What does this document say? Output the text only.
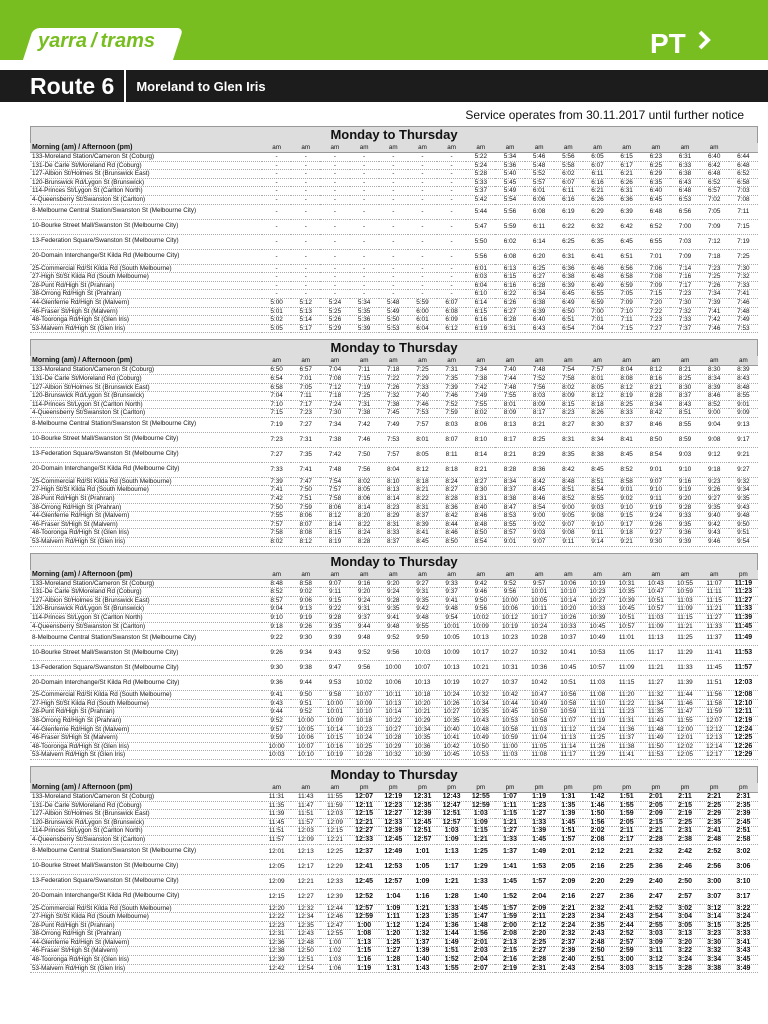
yarra / trams	PT
Route 6	Moreland to Glen Iris
Service operates from 30.11.2017 until further notice
Monday to Thursday
Morning (am) / Afternoon (pm)	am	am	am	am	am	am	am	am	am	am	am	am	am	am	am	am	
133-Moreland Station/Cameron St (Coburg)	-	-	-	-	-	-	-	5:22	5:34	5:46	5:56	6:05	6:15	6:23	6:31	6:40	6:44
131-De Carle St/Moreland Rd (Coburg)	-	-	-	-	-	-	-	5:24	5:36	5:48	5:58	6:07	6:17	6:25	6:33	6:42	6:48
127-Albion St/Holmes St (Brunswick East)	-	-	-	-	-	-	-	5:28	5:40	5:52	6:02	6:11	6:21	6:29	6:38	6:48	6:52
120-Brunswick Rd/Lygon St (Brunswick)	-	-	-	-	-	-	-	5:33	5:45	5:57	6:07	6:16	6:26	6:35	6:43	6:52	6:58
114-Princes St/Lygon St (Carlton North)	-	-	-	-	-	-	-	5:37	5:49	6:01	6:11	6:21	6:31	6:40	6:48	6:57	7:03
4-Queensberry St/Swanston St (Carlton)	-	-	-	-	-	-	-	5:42	5:54	6:06	6:16	6:26	6:36	6:45	6:53	7:02	7:08
8-Melbourne Central Station/Swanston St (Melbourne City)	-	-	-	-	-	-	-	5:44	5:56	6:08	6:19	6:29	6:39	6:48	6:56	7:05	7:11
10-Bourke Street Mall/Swanston St (Melbourne City)	-	-	-	-	-	-	-	5:47	5:59	6:11	6:22	6:32	6:42	6:52	7:00	7:09	7:15
13-Federation Square/Swanston St (Melbourne City)	-	-	-	-	-	-	-	5:50	6:02	6:14	6:25	6:35	6:45	6:55	7:03	7:12	7:19
20-Domain Interchange/St Kilda Rd (Melbourne City)	-	-	-	-	-	-	-	5:56	6:08	6:20	6:31	6:41	6:51	7:01	7:09	7:18	7:25
25-Commercial Rd/St Kilda Rd (South Melbourne)	-	-	-	-	-	-	-	6:01	6:13	6:25	6:36	6:46	6:56	7:06	7:14	7:23	7:30
27-High St/St Kilda Rd (South Melbourne)	-	-	-	-	-	-	-	6:03	6:15	6:27	6:38	6:48	6:58	7:08	7:16	7:25	7:32
28-Punt Rd/High St (Prahran)	-	-	-	-	-	-	-	6:04	6:16	6:28	6:39	6:49	6:59	7:09	7:17	7:26	7:33
38-Orrong Rd/High St (Prahran)	-	-	-	-	-	-	-	6:10	6:22	6:34	6:45	6:55	7:05	7:15	7:23	7:34	7:41
44-Glenferrie Rd/High St (Malvern)	5:00	5:12	5:24	5:34	5:48	5:59	6:07	6:14	6:26	6:38	6:49	6:59	7:09	7:20	7:30	7:39	7:46
46-Fraser St/High St (Malvern)	5:01	5:13	5:25	5:35	5:49	6:00	6:08	6:15	6:27	6:39	6:50	7:00	7:10	7:22	7:32	7:41	7:48
48-Tooronga Rd/High St (Glen Iris)	5:02	5:14	5:26	5:36	5:50	6:01	6:09	6:16	6:28	6:40	6:51	7:01	7:11	7:23	7:33	7:42	7:49
53-Malvern Rd/High St (Glen Iris)	5:05	5:17	5:29	5:39	5:53	6:04	6:12	6:19	6:31	6:43	6:54	7:04	7:15	7:27	7:37	7:46	7:53
Monday to Thursday
Morning (am) / Afternoon (pm)	am	am	am	am	am	am	am	am	am	am	am	am	am	am	am	am	am
133-Moreland Station/Cameron St (Coburg)	6:50	6:57	7:04	7:11	7:18	7:25	7:31	7:34	7:40	7:48	7:54	7:57	8:04	8:12	8:21	8:30	8:39
131-De Carle St/Moreland Rd (Coburg)	6:54	7:01	7:08	7:15	7:22	7:29	7:35	7:38	7:44	7:52	7:58	8:01	8:08	8:16	8:25	8:34	8:43
127-Albion St/Holmes St (Brunswick East)	6:58	7:05	7:12	7:19	7:26	7:33	7:39	7:42	7:48	7:56	8:02	8:05	8:12	8:21	8:30	8:39	8:48
120-Brunswick Rd/Lygon St (Brunswick)	7:04	7:11	7:18	7:25	7:32	7:40	7:46	7:49	7:55	8:03	8:09	8:12	8:19	8:28	8:37	8:46	8:55
114-Princes St/Lygon St (Carlton North)	7:10	7:17	7:24	7:31	7:38	7:46	7:52	7:55	8:01	8:09	8:15	8:18	8:25	8:34	8:43	8:52	9:01
4-Queensberry St/Swanston St (Carlton)	7:15	7:23	7:30	7:38	7:45	7:53	7:59	8:02	8:09	8:17	8:23	8:26	8:33	8:42	8:51	9:00	9:09
8-Melbourne Central Station/Swanston St (Melbourne City)	7:19	7:27	7:34	7:42	7:49	7:57	8:03	8:06	8:13	8:21	8:27	8:30	8:37	8:46	8:55	9:04	9:13
10-Bourke Street Mall/Swanston St (Melbourne City)	7:23	7:31	7:38	7:46	7:53	8:01	8:07	8:10	8:17	8:25	8:31	8:34	8:41	8:50	8:59	9:08	9:17
13-Federation Square/Swanston St (Melbourne City)	7:27	7:35	7:42	7:50	7:57	8:05	8:11	8:14	8:21	8:29	8:35	8:38	8:45	8:54	9:03	9:12	9:21
20-Domain Interchange/St Kilda Rd (Melbourne City)	7:33	7:41	7:48	7:56	8:04	8:12	8:18	8:21	8:28	8:36	8:42	8:45	8:52	9:01	9:10	9:18	9:27
25-Commercial Rd/St Kilda Rd (South Melbourne)	7:39	7:47	7:54	8:02	8:10	8:18	8:24	8:27	8:34	8:42	8:48	8:51	8:58	9:07	9:16	9:23	9:32
27-High St/St Kilda Rd (South Melbourne)	7:41	7:50	7:57	8:05	8:13	8:21	8:27	8:30	8:37	8:45	8:51	8:54	9:01	9:10	9:19	9:26	9:34
28-Punt Rd/High St (Prahran)	7:42	7:51	7:58	8:06	8:14	8:22	8:28	8:31	8:38	8:46	8:52	8:55	9:02	9:11	9:20	9:27	9:35
38-Orrong Rd/High St (Prahran)	7:50	7:59	8:06	8:14	8:23	8:31	8:36	8:40	8:47	8:54	9:00	9:03	9:10	9:19	9:28	9:35	9:43
44-Glenferrie Rd/High St (Malvern)	7:55	8:06	8:12	8:20	8:29	8:37	8:42	8:46	8:53	9:00	9:05	9:08	9:15	9:24	9:33	9:40	9:48
46-Fraser St/High St (Malvern)	7:57	8:07	8:14	8:22	8:31	8:39	8:44	8:48	8:55	9:02	9:07	9:10	9:17	9:26	9:35	9:42	9:50
48-Tooronga Rd/High St (Glen Iris)	7:58	8:08	8:15	8:24	8:33	8:41	8:46	8:50	8:57	9:03	9:08	9:11	9:18	9:27	9:36	9:43	9:51
53-Malvern Rd/High St (Glen Iris)	8:02	8:12	8:19	8:28	8:37	8:45	8:50	8:54	9:01	9:07	9:11	9:14	9:21	9:30	9:39	9:46	9:54
Monday to Thursday
Morning (am) / Afternoon (pm)	am	am	am	am	am	am	am	am	am	am	am	am	am	am	am	am	pm
133-Moreland Station/Cameron St (Coburg)	8:48	8:58	9:07	9:16	9:20	9:27	9:33	9:42	9:52	9:57	10:06	10:19	10:31	10:43	10:55	11:07	11:19
131-De Carle St/Moreland Rd (Coburg)	8:52	9:02	9:11	9:20	9:24	9:31	9:37	9:46	9:56	10:01	10:10	10:23	10:35	10:47	10:59	11:11	11:23
127-Albion St/Holmes St (Brunswick East)	8:57	9:06	9:15	9:24	9:28	9:35	9:41	9:50	10:00	10:05	10:14	10:27	10:39	10:51	11:03	11:15	11:27
120-Brunswick Rd/Lygon St (Brunswick)	9:04	9:13	9:22	9:31	9:35	9:42	9:48	9:56	10:06	10:11	10:20	10:33	10:45	10:57	11:09	11:21	11:33
114-Princes St/Lygon St (Carlton North)	9:10	9:19	9:28	9:37	9:41	9:48	9:54	10:02	10:12	10:17	10:26	10:39	10:51	11:03	11:15	11:27	11:39
4-Queensberry St/Swanston St (Carlton)	9:18	9:26	9:35	9:44	9:48	9:55	10:01	10:09	10:19	10:24	10:33	10:45	10:57	11:09	11:21	11:33	11:45
8-Melbourne Central Station/Swanston St (Melbourne City)	9:22	9:30	9:39	9:48	9:52	9:59	10:05	10:13	10:23	10:28	10:37	10:49	11:01	11:13	11:25	11:37	11:49
10-Bourke Street Mall/Swanston St (Melbourne City)	9:26	9:34	9:43	9:52	9:56	10:03	10:09	10:17	10:27	10:32	10:41	10:53	11:05	11:17	11:29	11:41	11:53
13-Federation Square/Swanston St (Melbourne City)	9:30	9:38	9:47	9:56	10:00	10:07	10:13	10:21	10:31	10:36	10:45	10:57	11:09	11:21	11:33	11:45	11:57
20-Domain Interchange/St Kilda Rd (Melbourne City)	9:36	9:44	9:53	10:02	10:06	10:13	10:19	10:27	10:37	10:42	10:51	11:03	11:15	11:27	11:39	11:51	12:03
25-Commercial Rd/St Kilda Rd (South Melbourne)	9:41	9:50	9:58	10:07	10:11	10:18	10:24	10:32	10:42	10:47	10:56	11:08	11:20	11:32	11:44	11:56	12:08
27-High St/St Kilda Rd (South Melbourne)	9:43	9:51	10:00	10:09	10:13	10:20	10:26	10:34	10:44	10:49	10:58	11:10	11:22	11:34	11:46	11:58	12:10
28-Punt Rd/High St (Prahran)	9:44	9:52	10:01	10:10	10:14	10:21	10:27	10:35	10:45	10:50	10:59	11:11	11:23	11:35	11:47	11:59	12:11
38-Orrong Rd/High St (Prahran)	9:52	10:00	10:09	10:18	10:22	10:29	10:35	10:43	10:53	10:58	11:07	11:19	11:31	11:43	11:55	12:07	12:19
44-Glenferrie Rd/High St (Malvern)	9:57	10:05	10:14	10:23	10:27	10:34	10:40	10:48	10:58	11:03	11:12	11:24	11:36	11:48	12:00	12:12	12:24
46-Fraser St/High St (Malvern)	9:59	10:06	10:15	10:24	10:28	10:35	10:41	10:49	10:59	11:04	11:13	11:25	11:37	11:49	12:01	12:13	12:25
48-Tooronga Rd/High St (Glen Iris)	10:00	10:07	10:16	10:25	10:29	10:36	10:42	10:50	11:00	11:05	11:14	11:26	11:38	11:50	12:02	12:14	12:26
53-Malvern Rd/High St (Glen Iris)	10:03	10:10	10:19	10:28	10:32	10:39	10:45	10:53	11:03	11:08	11:17	11:29	11:41	11:53	12:05	12:17	12:29
Monday to Thursday
Morning (am) / Afternoon (pm)	am	am	am	pm	pm	pm	pm	pm	pm	pm	pm	pm	pm	pm	pm	pm	pm
133-Moreland Station/Cameron St (Coburg)	11:31	11:43	11:55	12:07	12:19	12:31	12:43	12:55	1:07	1:19	1:31	1:42	1:51	2:01	2:11	2:21	2:31
131-De Carle St/Moreland Rd (Coburg)	11:35	11:47	11:59	12:11	12:23	12:35	12:47	12:59	1:11	1:23	1:35	1:46	1:55	2:05	2:15	2:25	2:35
127-Albion St/Holmes St (Brunswick East)	11:39	11:51	12:03	12:15	12:27	12:39	12:51	1:03	1:15	1:27	1:39	1:50	1:59	2:09	2:19	2:29	2:39
120-Brunswick Rd/Lygon St (Brunswick)	11:45	11:57	12:09	12:21	12:33	12:45	12:57	1:09	1:21	1:33	1:45	1:56	2:05	2:15	2:25	2:35	2:45
114-Princes St/Lygon St (Carlton North)	11:51	12:03	12:15	12:27	12:39	12:51	1:03	1:15	1:27	1:39	1:51	2:02	2:11	2:21	2:31	2:41	2:51
4-Queensberry St/Swanston St (Carlton)	11:57	12:09	12:21	12:33	12:45	12:57	1:09	1:21	1:33	1:45	1:57	2:08	2:17	2:28	2:38	2:48	2:58
8-Melbourne Central Station/Swanston St (Melbourne City)	12:01	12:13	12:25	12:37	12:49	1:01	1:13	1:25	1:37	1:49	2:01	2:12	2:21	2:32	2:42	2:52	3:02
10-Bourke Street Mall/Swanston St (Melbourne City)	12:05	12:17	12:29	12:41	12:53	1:05	1:17	1:29	1:41	1:53	2:05	2:16	2:25	2:36	2:46	2:56	3:06
13-Federation Square/Swanston St (Melbourne City)	12:09	12:21	12:33	12:45	12:57	1:09	1:21	1:33	1:45	1:57	2:09	2:20	2:29	2:40	2:50	3:00	3:10
20-Domain Interchange/St Kilda Rd (Melbourne City)	12:15	12:27	12:39	12:52	1:04	1:16	1:28	1:40	1:52	2:04	2:16	2:27	2:36	2:47	2:57	3:07	3:17
25-Commercial Rd/St Kilda Rd (South Melbourne)	12:20	12:32	12:44	12:57	1:09	1:21	1:33	1:45	1:57	2:09	2:21	2:32	2:41	2:52	3:02	3:12	3:22
27-High St/St Kilda Rd (South Melbourne)	12:22	12:34	12:46	12:59	1:11	1:23	1:35	1:47	1:59	2:11	2:23	2:34	2:43	2:54	3:04	3:14	3:24
28-Punt Rd/High St (Prahran)	12:23	12:35	12:47	1:00	1:12	1:24	1:36	1:48	2:00	2:12	2:24	2:35	2:44	2:55	3:05	3:15	3:25
38-Orrong Rd/High St (Prahran)	12:31	12:43	12:55	1:08	1:20	1:32	1:44	1:56	2:08	2:20	2:32	2:43	2:52	3:03	3:13	3:23	3:33
44-Glenferrie Rd/High St (Malvern)	12:36	12:48	1:00	1:13	1:25	1:37	1:49	2:01	2:13	2:25	2:37	2:48	2:57	3:09	3:20	3:30	3:41
46-Fraser St/High St (Malvern)	12:38	12:50	1:02	1:15	1:27	1:39	1:51	2:03	2:15	2:27	2:39	2:50	2:59	3:11	3:22	3:32	3:43
48-Tooronga Rd/High St (Glen Iris)	12:39	12:51	1:03	1:16	1:28	1:40	1:52	2:04	2:16	2:28	2:40	2:51	3:00	3:12	3:24	3:34	3:45
53-Malvern Rd/High St (Glen Iris)	12:42	12:54	1:06	1:19	1:31	1:43	1:55	2:07	2:19	2:31	2:43	2:54	3:03	3:15	3:28	3:38	3:49
